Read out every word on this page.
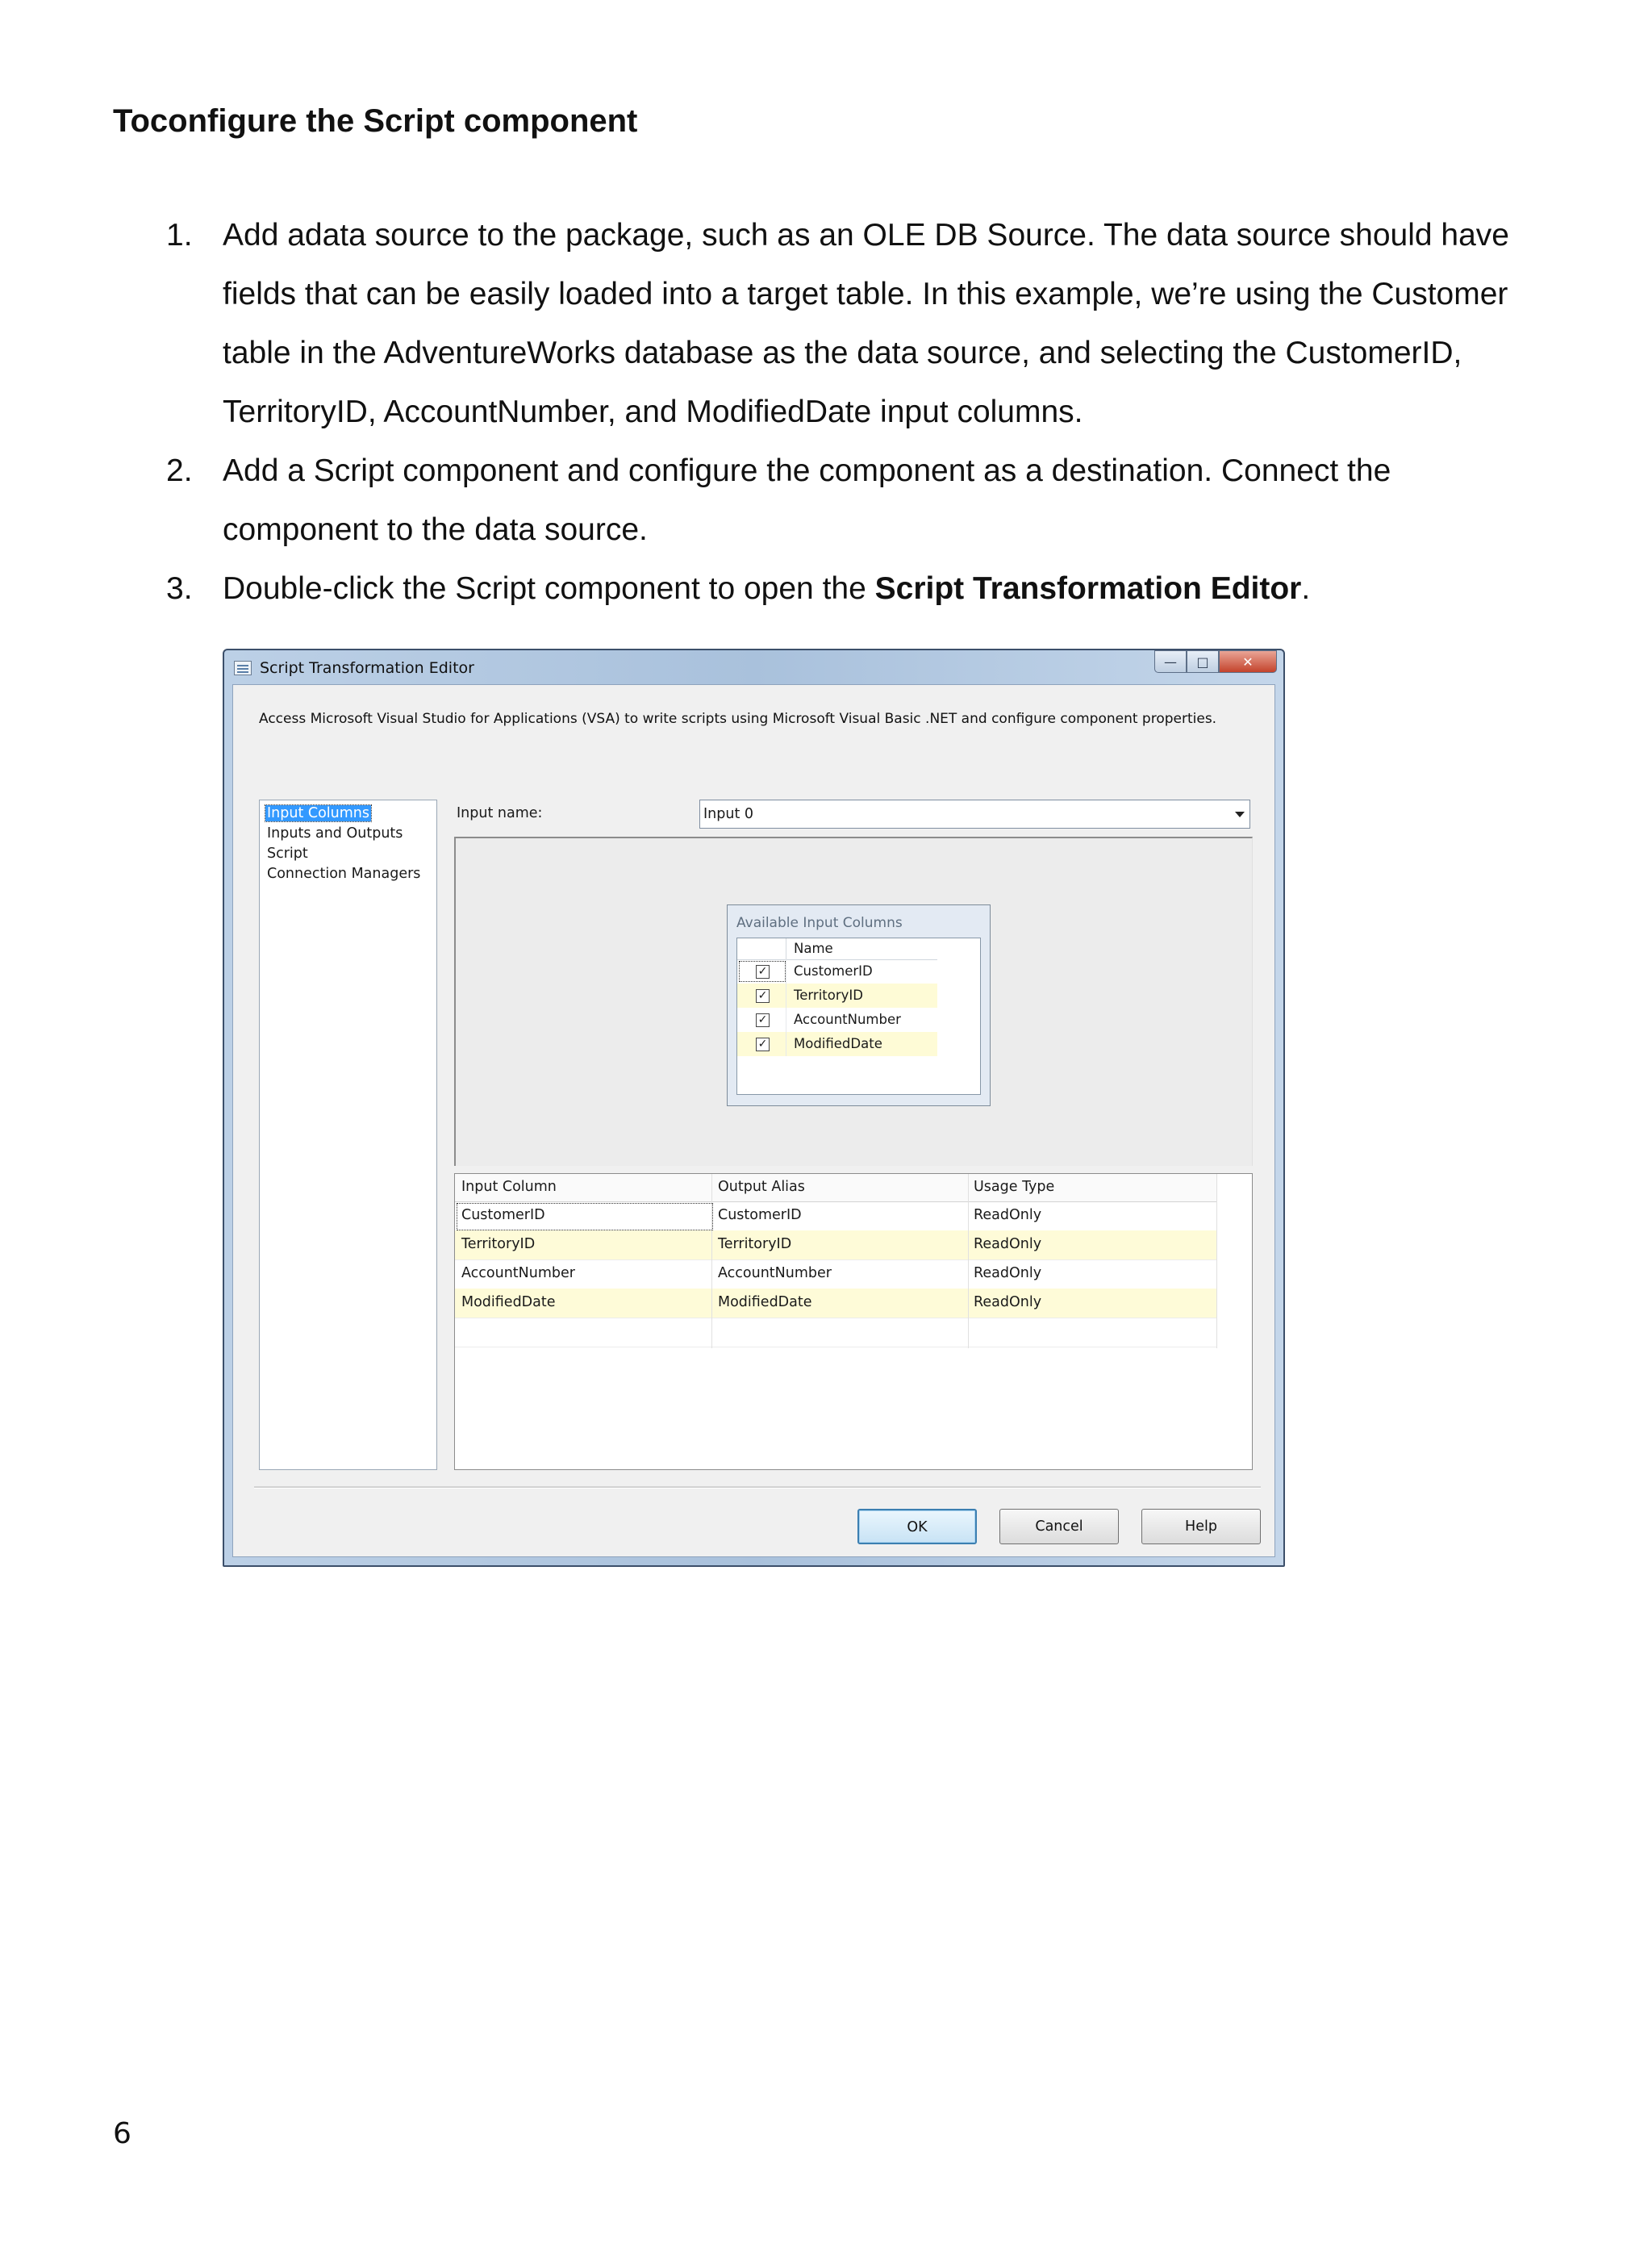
Toconfigure the Script component
1. Add adata source to the package, such as an OLE DB Source. The data source should have fields that can be easily loaded into a target table. In this example, we’re using the Customer table in the AdventureWorks database as the data source, and selecting the CustomerID, TerritoryID, AccountNumber, and ModifiedDate input columns.
2. Add a Script component and configure the component as a destination. Connect the component to the data source.
3. Double-click the Script component to open the Script Transformation Editor.
Script Transformation Editor	— □	✕
Access Microsoft Visual Studio for Applications (VSA) to write scripts using Microsoft Visual Basic .NET and configure component properties.
Input Columns
Inputs and Outputs
Script
Connection Managers
Input name:	Input 0
Available Input Columns
Name
✓ CustomerID
✓ TerritoryID
✓ AccountNumber
✓ ModifiedDate
Input Column	Output Alias	Usage Type
CustomerID	CustomerID	ReadOnly
TerritoryID	TerritoryID	ReadOnly
AccountNumber	AccountNumber	ReadOnly
ModifiedDate	ModifiedDate	ReadOnly
OK	Cancel	Help
6
